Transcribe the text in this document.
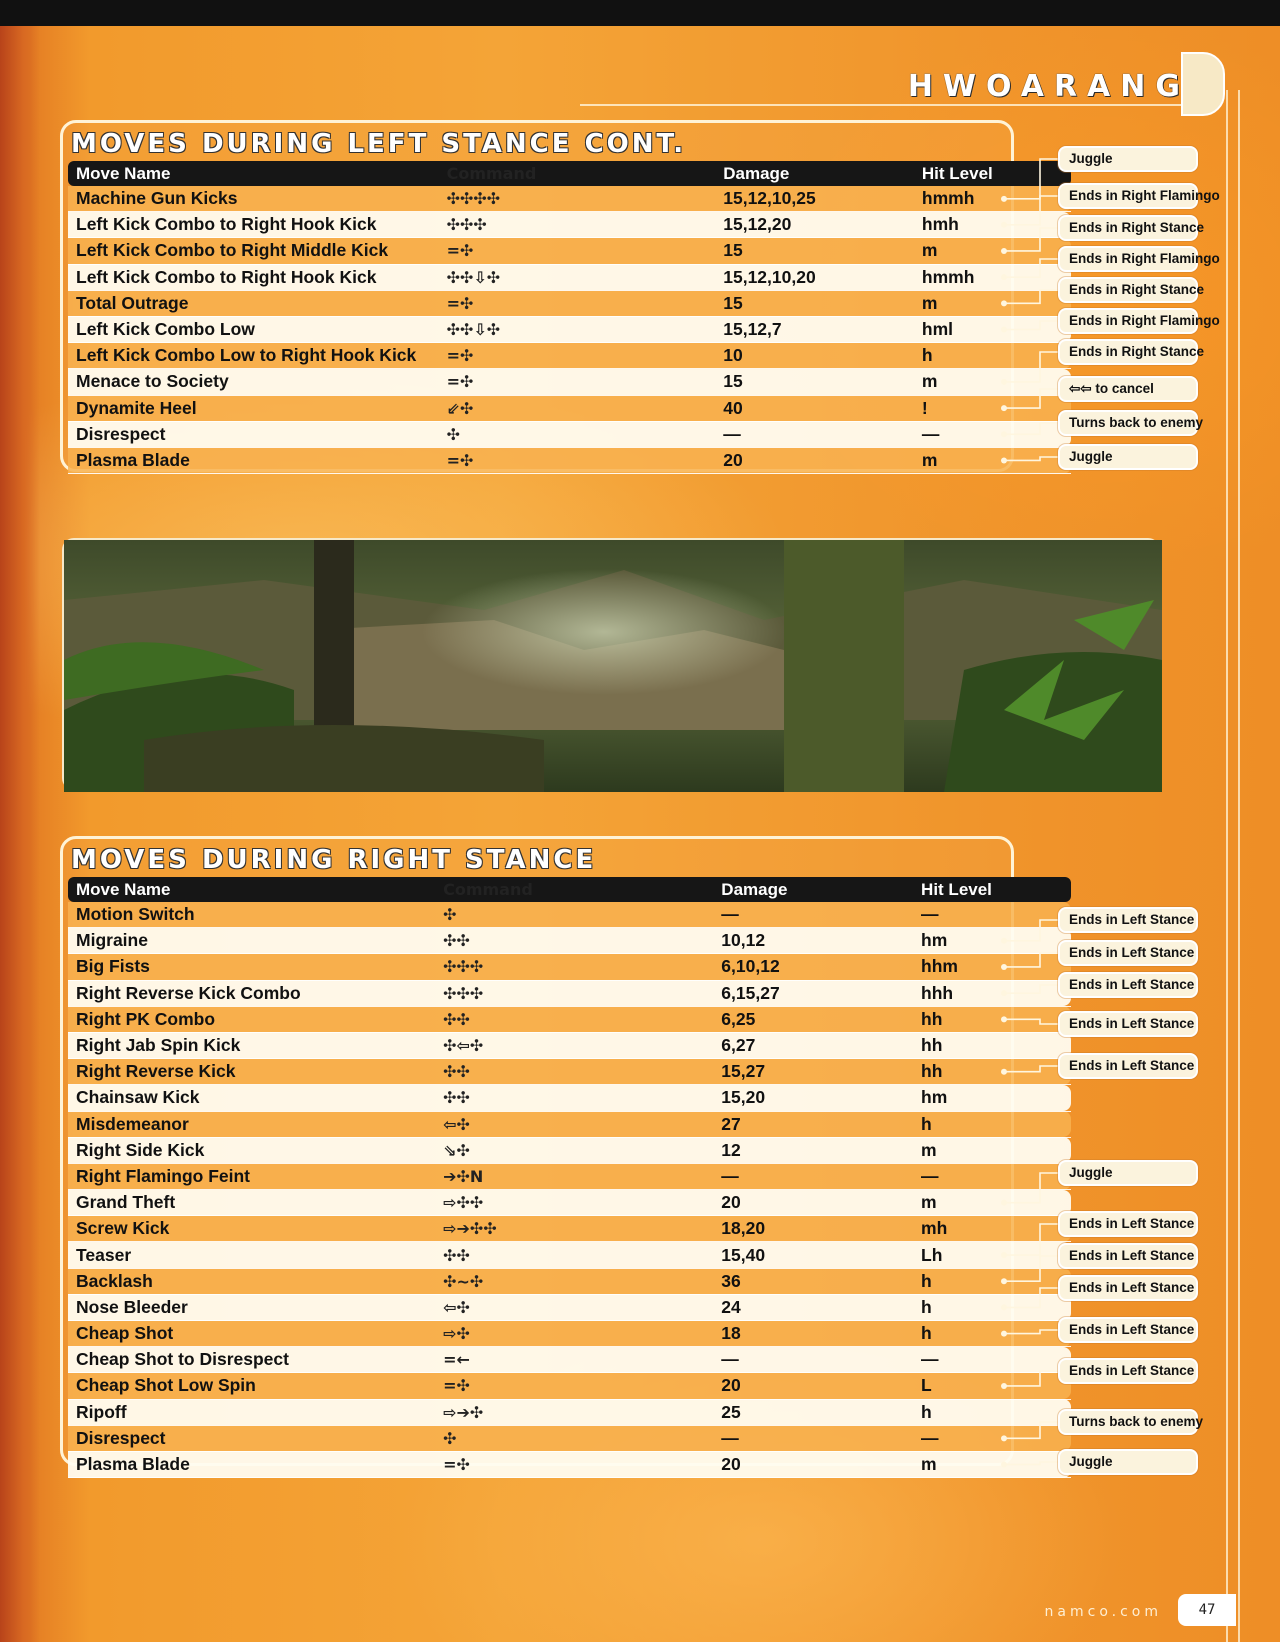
HWOARANG
MOVES DURING LEFT STANCE CONT.
Move Name	Command	Damage	Hit Level
Machine Gun Kicks	✣✣✣✣	15,12,10,25	hmmh
Left Kick Combo to Right Hook Kick	✣✣✣	15,12,20	hmh
Left Kick Combo to Right Middle Kick	=✣	15	m
Left Kick Combo to Right Hook Kick	✣✣⇩✣	15,12,10,20	hmmh
Total Outrage	=✣	15	m
Left Kick Combo Low	✣✣⇩✣	15,12,7	hml
Left Kick Combo Low to Right Hook Kick	=✣	10	h
Menace to Society	=✣	15	m
Dynamite Heel	⇙✣	40	!
Disrespect	✣	—	—
Plasma Blade	=✣	20	m
MOVES DURING RIGHT STANCE
Move Name	Command	Damage	Hit Level
Motion Switch	✣	—	—
Migraine	✣✣	10,12	hm
Big Fists	✣✣✣	6,10,12	hhm
Right Reverse Kick Combo	✣✣✣	6,15,27	hhh
Right PK Combo	✣✣	6,25	hh
Right Jab Spin Kick	✣⇦✣	6,27	hh
Right Reverse Kick	✣✣	15,27	hh
Chainsaw Kick	✣✣	15,20	hm
Misdemeanor	⇦✣	27	h
Right Side Kick	⇘✣	12	m
Right Flamingo Feint	➔✣N	—	—
Grand Theft	⇨✣✣	20	m
Screw Kick	⇨➔✣✣	18,20	mh
Teaser	✣✣	15,40	Lh
Backlash	✣~✣	36	h
Nose Bleeder	⇦✣	24	h
Cheap Shot	⇨✣	18	h
Cheap Shot to Disrespect	=←	—	—
Cheap Shot Low Spin	=✣	20	L
Ripoff	⇨➔✣	25	h
Disrespect	✣	—	—
Plasma Blade	=✣	20	m
Juggle
Ends in Right Flamingo
Ends in Right Stance
Ends in Right Flamingo
Ends in Right Stance
Ends in Right Flamingo
Ends in Right Stance
⇦⇦ to cancel
Turns back to enemy
Juggle
Ends in Left Stance
Ends in Left Stance
Ends in Left Stance
Ends in Left Stance
Ends in Left Stance
Juggle
Ends in Left Stance
Ends in Left Stance
Ends in Left Stance
Ends in Left Stance
Ends in Left Stance
Turns back to enemy
Juggle
namco.com	47
